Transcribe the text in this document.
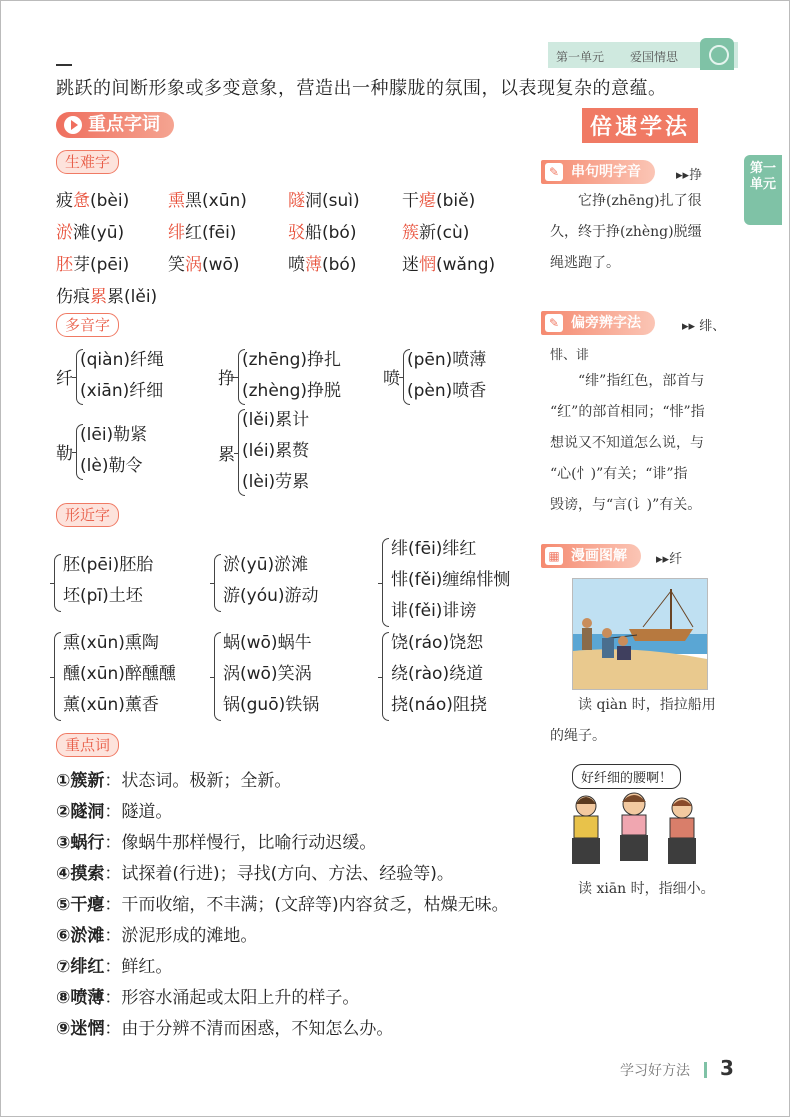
第一单元 爱国情思
跳跃的间断形象或多变意象，营造出一种朦胧的氛围，以表现复杂的意蕴。
重点字词
生难字
疲惫(bèi) 熏黑(xūn) 隧洞(suì) 干瘪(biě)
淤滩(yū)	绯红(fēi)	驳船(bó)	簇新(cù)
胚芽(pēi) 笑涡(wō)	喷薄(bó)	迷惘(wǎng)
伤痕累累(lěi)
多音字
纤
(qiàn)纤绳
(xiān)纤细
挣
(zhēng)挣扎
(zhèng)挣脱
喷
(pēn)喷薄
(pèn)喷香
勒
(lēi)勒紧
(lè)勒令
累
(lěi)累计
(léi)累赘
(lèi)劳累
形近字
胚(pēi)胚胎
坯(pī)土坯
淤(yū)淤滩
游(yóu)游动
绯(fēi)绯红
悱(fěi)缠绵悱恻
诽(fěi)诽谤
熏(xūn)熏陶
醺(xūn)醉醺醺
薰(xūn)薰香
蜗(wō)蜗牛
涡(wō)笑涡
锅(guō)铁锅
饶(ráo)饶恕
绕(rào)绕道
挠(náo)阻挠
重点词
①簇新：状态词。极新；全新。
②隧洞：隧道。
③蜗行：像蜗牛那样慢行，比喻行动迟缓。
④摸索：试探着(行进)；寻找(方向、方法、经验等)。
⑤干瘪：干而收缩，不丰满；(文辞等)内容贫乏，枯燥无味。
⑥淤滩：淤泥形成的滩地。
⑦绯红：鲜红。
⑧喷薄：形容水涌起或太阳上升的样子。
⑨迷惘：由于分辨不清而困惑，不知怎么办。
倍速学法
第一单元
✎ 串句明字音	▸▸挣
它挣(zhēng)扎了很
久，终于挣(zhèng)脱缰
绳逃跑了。
✎ 偏旁辨字法	▸▸ 绯、
悱、诽
“绯”指红色，部首与
“红”的部首相同；“悱”指
想说又不知道怎么说，与
“心(忄)”有关；“诽”指
毁谤，与“言(讠)”有关。
▦ 漫画图解	▸▸纤
读 qiàn 时，指拉船用
的绳子。
好纤细的腰啊！
读 xiān 时，指细小。
学习好方法 3
